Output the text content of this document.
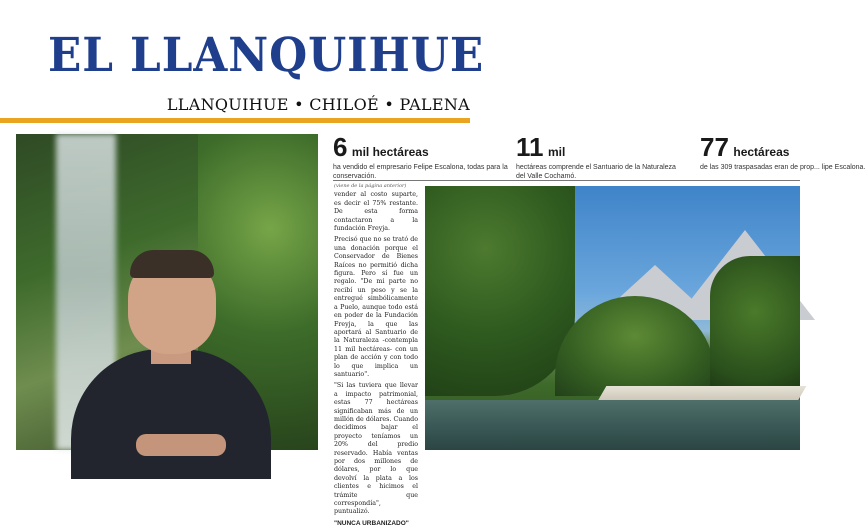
EL LLANQUIHUE
LLANQUIHUE • CHILOÉ • PALENA
6 mil hectáreas
ha vendido el empresario Felipe Escalona, todas para la conservación.
11 mil
hectáreas comprende el Santuario de la Naturaleza del Valle Cochamó.
77 hectáreas
de las 309 traspasadas eran de prop... lipe Escalona.
(viene de la página anterior)

vender al costo suparte, es decir el 75% restante. De esta forma contactaron a la fundación Freyja.

Precisó que no se trató de una donación porque el Conservador de Bienes Raíces no permitió dicha figura. Pero sí fue un regalo. "De mi parte no recibí un peso y se la entregué simbólicamente a Puelo, aunque todo está en poder de la Fundación Freyja, la que las aportará al Santuario de la Naturaleza -contempla 11 mil hectáreas- con un plan de acción y con todo lo que implica un santuario".

"Si las tuviera que llevar a impacto patrimonial, estas 77 hectáreas significaban más de un millón de dólares. Cuando decidimos bajar el proyecto teníamos un 20% del predio reservado. Había ventas por dos millones de dólares, por lo que devolví la plata a los clientes e hicimos el trámite que correspondía", puntualizó.

"NUNCA URBANIZADO"
